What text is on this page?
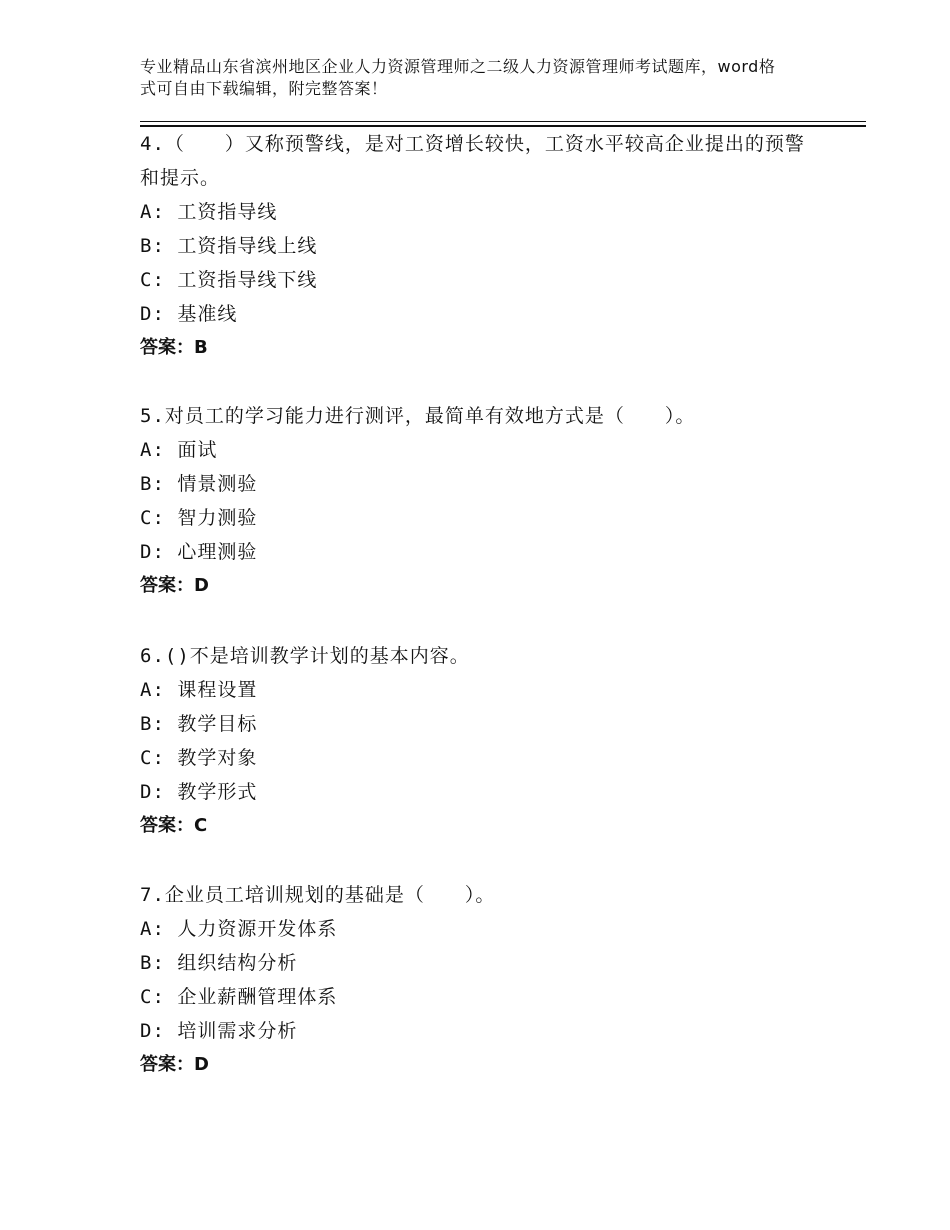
专业精品山东省滨州地区企业人力资源管理师之二级人力资源管理师考试题库，word格式可自由下载编辑，附完整答案！

4.（　　）又称预警线，是对工资增长较快，工资水平较高企业提出的预警和提示。

A: 工资指导线

B: 工资指导线上线

C: 工资指导线下线

D: 基准线

答案：B

5.对员工的学习能力进行测评，最简单有效地方式是（　　）。

A: 面试

B: 情景测验

C: 智力测验

D: 心理测验

答案：D

6.()不是培训教学计划的基本内容。

A: 课程设置

B: 教学目标

C: 教学对象

D: 教学形式

答案：C

7.企业员工培训规划的基础是（　　）。

A: 人力资源开发体系

B: 组织结构分析

C: 企业薪酬管理体系

D: 培训需求分析

答案：D
